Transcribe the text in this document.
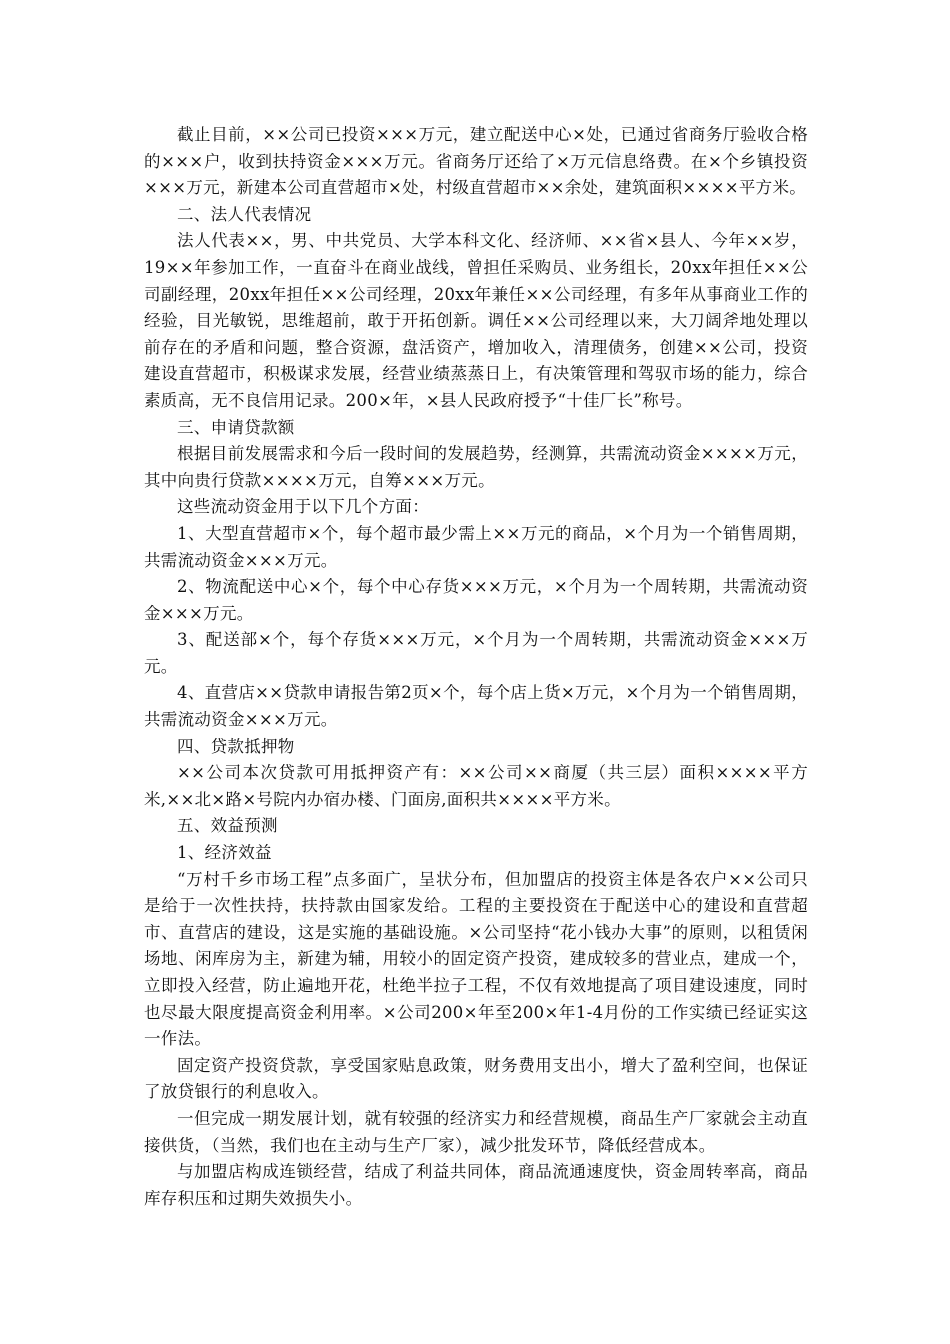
截止目前，××公司已投资×××万元，建立配送中心×处，已通过省商务厅验收合格的×××户，收到扶持资金×××万元。省商务厅还给了×万元信息络费。在×个乡镇投资×××万元，新建本公司直营超市×处，村级直营超市××余处，建筑面积××××平方米。

二、法人代表情况

法人代表××，男、中共党员、大学本科文化、经济师、××省×县人、今年××岁，19××年参加工作，一直奋斗在商业战线，曾担任采购员、业务组长，20xx年担任××公司副经理，20xx年担任××公司经理，20xx年兼任××公司经理，有多年从事商业工作的经验，目光敏锐，思维超前，敢于开拓创新。调任××公司经理以来，大刀阔斧地处理以前存在的矛盾和问题，整合资源，盘活资产，增加收入，清理债务，创建××公司，投资建设直营超市，积极谋求发展，经营业绩蒸蒸日上，有决策管理和驾驭市场的能力，综合素质高，无不良信用记录。200×年，×县人民政府授予“十佳厂长”称号。

三、申请贷款额

根据目前发展需求和今后一段时间的发展趋势，经测算，共需流动资金××××万元，其中向贵行贷款××××万元，自筹×××万元。

这些流动资金用于以下几个方面：

1、大型直营超市×个，每个超市最少需上××万元的商品，×个月为一个销售周期，共需流动资金×××万元。

2、物流配送中心×个，每个中心存货×××万元，×个月为一个周转期，共需流动资金×××万元。

3、配送部×个，每个存货×××万元，×个月为一个周转期，共需流动资金×××万元。

4、直营店××贷款申请报告第2页×个，每个店上货×万元，×个月为一个销售周期，共需流动资金×××万元。

四、贷款抵押物

××公司本次贷款可用抵押资产有：××公司××商厦（共三层）面积××××平方米,××北×路×号院内办宿办楼、门面房,面积共××××平方米。

五、效益预测

1、经济效益

“万村千乡市场工程”点多面广，呈状分布，但加盟店的投资主体是各农户××公司只是给于一次性扶持，扶持款由国家发给。工程的主要投资在于配送中心的建设和直营超市、直营店的建设，这是实施的基础设施。×公司坚持“花小钱办大事”的原则，以租赁闲场地、闲库房为主，新建为辅，用较小的固定资产投资，建成较多的营业点，建成一个，立即投入经营，防止遍地开花，杜绝半拉子工程，不仅有效地提高了项目建设速度，同时也尽最大限度提高资金利用率。×公司200×年至200×年1-4月份的工作实绩已经证实这一作法。

固定资产投资贷款，享受国家贴息政策，财务费用支出小，增大了盈利空间，也保证了放贷银行的利息收入。

一但完成一期发展计划，就有较强的经济实力和经营规模，商品生产厂家就会主动直接供货，（当然，我们也在主动与生产厂家），减少批发环节，降低经营成本。

与加盟店构成连锁经营，结成了利益共同体，商品流通速度快，资金周转率高，商品库存积压和过期失效损失小。
